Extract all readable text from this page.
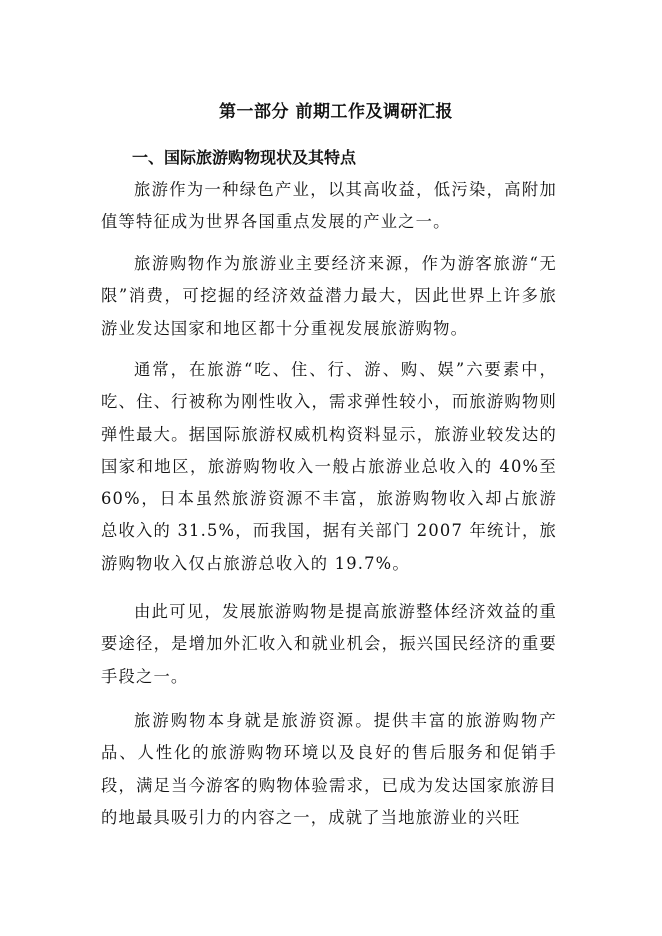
第一部分 前期工作及调研汇报
一、国际旅游购物现状及其特点

旅游作为一种绿色产业，以其高收益，低污染，高附加值等特征成为世界各国重点发展的产业之一。

旅游购物作为旅游业主要经济来源，作为游客旅游“无限”消费，可挖掘的经济效益潜力最大，因此世界上许多旅游业发达国家和地区都十分重视发展旅游购物。

通常，在旅游“吃、住、行、游、购、娱”六要素中，吃、住、行被称为刚性收入，需求弹性较小，而旅游购物则弹性最大。据国际旅游权威机构资料显示，旅游业较发达的国家和地区，旅游购物收入一般占旅游业总收入的 40%至 60%，日本虽然旅游资源不丰富，旅游购物收入却占旅游总收入的 31.5%，而我国，据有关部门 2007 年统计，旅游购物收入仅占旅游总收入的 19.7%。

由此可见，发展旅游购物是提高旅游整体经济效益的重要途径，是增加外汇收入和就业机会，振兴国民经济的重要手段之一。

旅游购物本身就是旅游资源。提供丰富的旅游购物产品、人性化的旅游购物环境以及良好的售后服务和促销手段，满足当今游客的购物体验需求，已成为发达国家旅游目的地最具吸引力的内容之一，成就了当地旅游业的兴旺
